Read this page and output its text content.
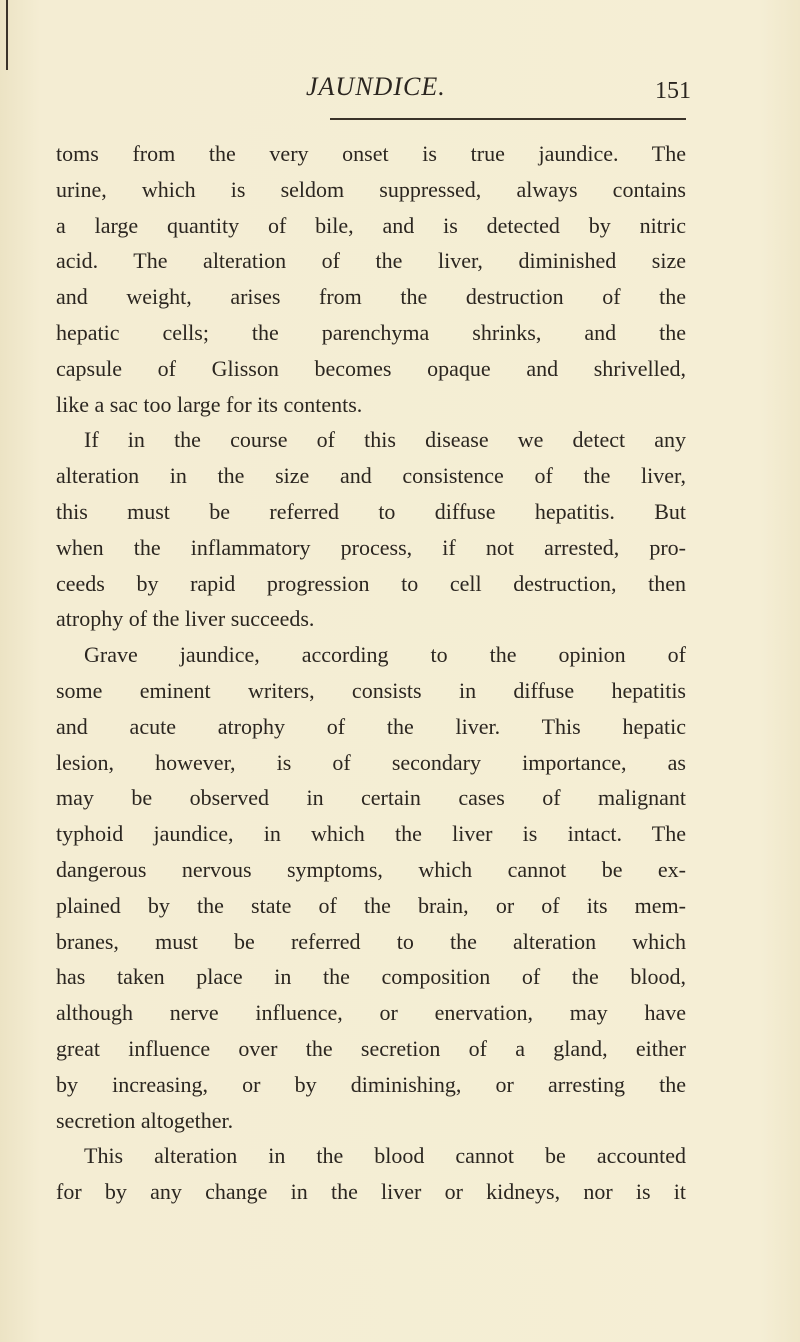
JAUNDICE.	151
toms from the very onset is true jaundice. The
urine, which is seldom suppressed, always contains
a large quantity of bile, and is detected by nitric
acid. The alteration of the liver, diminished size
and weight, arises from the destruction of the
hepatic cells; the parenchyma shrinks, and the
capsule of Glisson becomes opaque and shrivelled,
like a sac too large for its contents.
If in the course of this disease we detect any
alteration in the size and consistence of the liver,
this must be referred to diffuse hepatitis. But
when the inflammatory process, if not arrested, pro-
ceeds by rapid progression to cell destruction, then
atrophy of the liver succeeds.
Grave jaundice, according to the opinion of
some eminent writers, consists in diffuse hepatitis
and acute atrophy of the liver. This hepatic
lesion, however, is of secondary importance, as
may be observed in certain cases of malignant
typhoid jaundice, in which the liver is intact. The
dangerous nervous symptoms, which cannot be ex-
plained by the state of the brain, or of its mem-
branes, must be referred to the alteration which
has taken place in the composition of the blood,
although nerve influence, or enervation, may have
great influence over the secretion of a gland, either
by increasing, or by diminishing, or arresting the
secretion altogether.
This alteration in the blood cannot be accounted
for by any change in the liver or kidneys, nor is it
